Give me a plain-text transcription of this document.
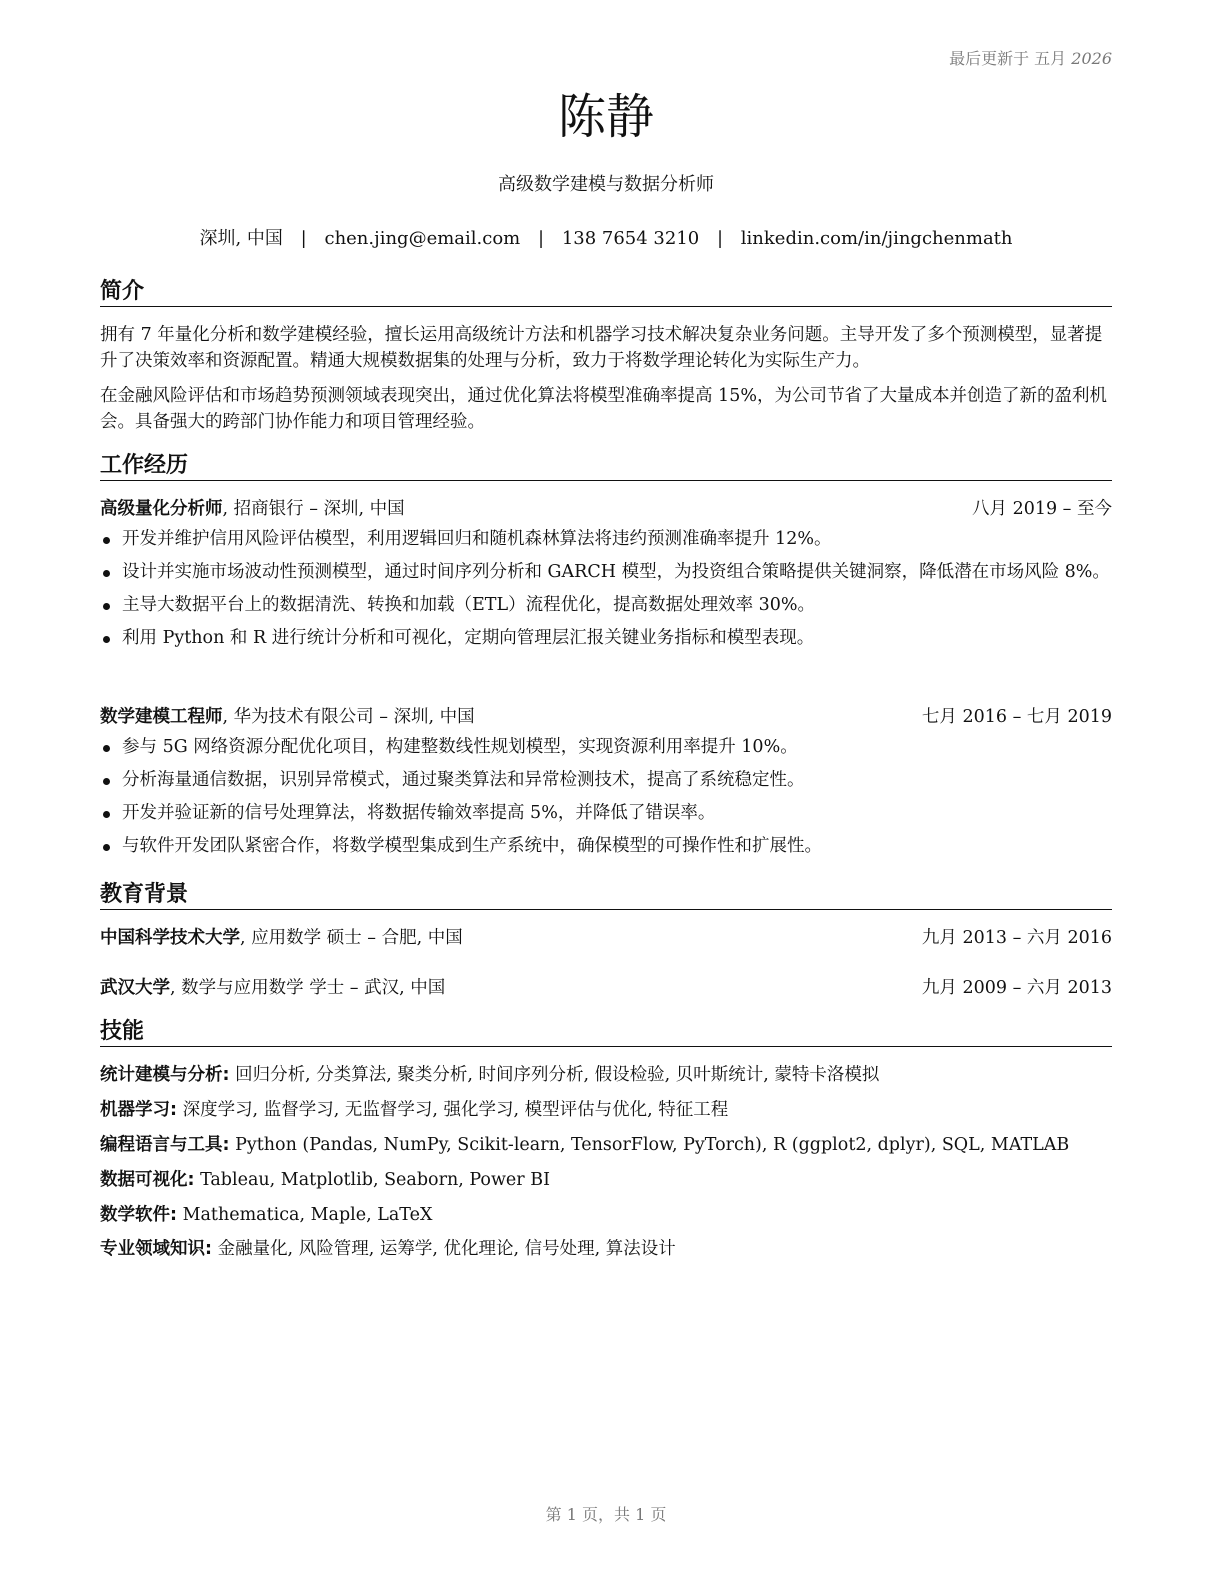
最后更新于 五月 2026
陈静
高级数学建模与数据分析师
深圳, 中国 | chen.jing@email.com | 138 7654 3210 | linkedin.com/in/jingchenmath
简介
拥有 7 年量化分析和数学建模经验，擅长运用高级统计方法和机器学习技术解决复杂业务问题。主导开发了多个预测模型，显著提升了决策效率和资源配置。精通大规模数据集的处理与分析，致力于将数学理论转化为实际生产力。
在金融风险评估和市场趋势预测领域表现突出，通过优化算法将模型准确率提高 15%，为公司节省了大量成本并创造了新的盈利机会。具备强大的跨部门协作能力和项目管理经验。
工作经历
高级量化分析师, 招商银行 – 深圳, 中国	八月 2019 – 至今
开发并维护信用风险评估模型，利用逻辑回归和随机森林算法将违约预测准确率提升 12%。
设计并实施市场波动性预测模型，通过时间序列分析和 GARCH 模型，为投资组合策略提供关键洞察，降低潜在市场风险 8%。
主导大数据平台上的数据清洗、转换和加载（ETL）流程优化，提高数据处理效率 30%。
利用 Python 和 R 进行统计分析和可视化，定期向管理层汇报关键业务指标和模型表现。
数学建模工程师, 华为技术有限公司 – 深圳, 中国	七月 2016 – 七月 2019
参与 5G 网络资源分配优化项目，构建整数线性规划模型，实现资源利用率提升 10%。
分析海量通信数据，识别异常模式，通过聚类算法和异常检测技术，提高了系统稳定性。
开发并验证新的信号处理算法，将数据传输效率提高 5%，并降低了错误率。
与软件开发团队紧密合作，将数学模型集成到生产系统中，确保模型的可操作性和扩展性。
教育背景
中国科学技术大学, 应用数学 硕士 – 合肥, 中国	九月 2013 – 六月 2016
武汉大学, 数学与应用数学 学士 – 武汉, 中国	九月 2009 – 六月 2013
技能
统计建模与分析: 回归分析, 分类算法, 聚类分析, 时间序列分析, 假设检验, 贝叶斯统计, 蒙特卡洛模拟
机器学习: 深度学习, 监督学习, 无监督学习, 强化学习, 模型评估与优化, 特征工程
编程语言与工具: Python (Pandas, NumPy, Scikit-learn, TensorFlow, PyTorch), R (ggplot2, dplyr), SQL, MATLAB
数据可视化: Tableau, Matplotlib, Seaborn, Power BI
数学软件: Mathematica, Maple, LaTeX
专业领域知识: 金融量化, 风险管理, 运筹学, 优化理论, 信号处理, 算法设计
第 1 页，共 1 页
